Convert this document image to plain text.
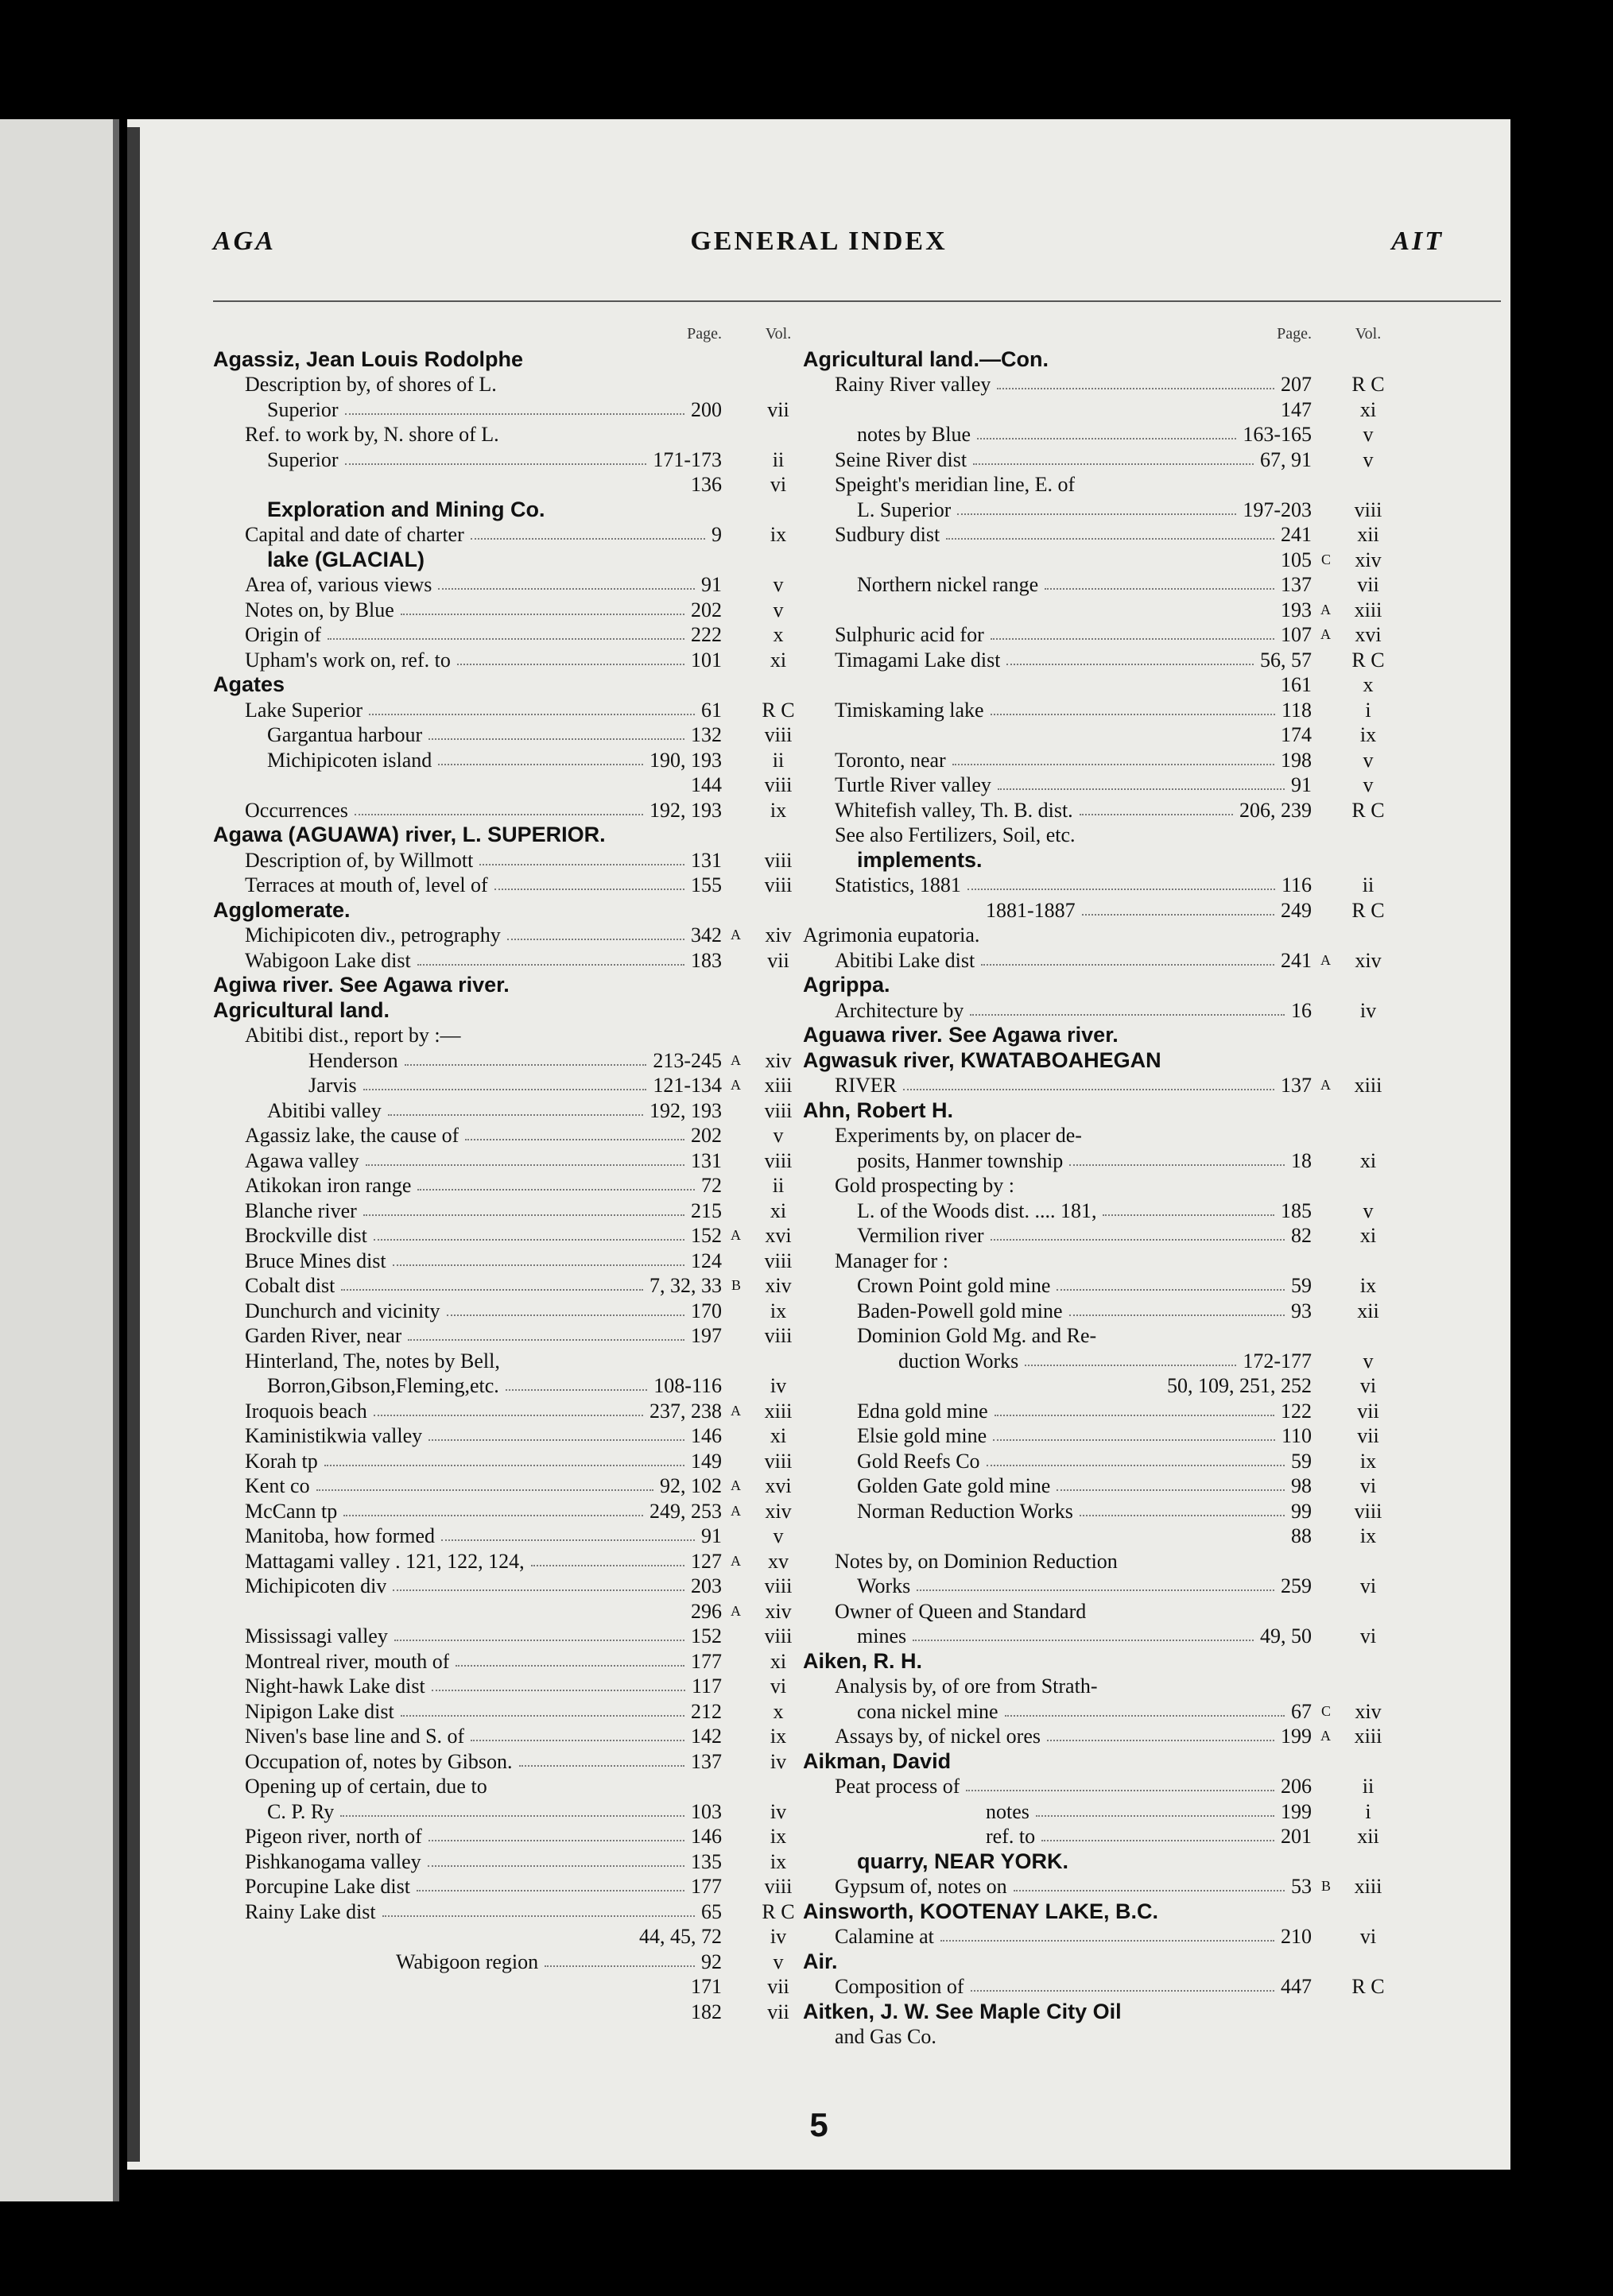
AGA	GENERAL INDEX	AIT
Page.	Vol.
Agassiz, Jean Louis Rodolphe
Description by, of shores of L.
Superior	200	vii
Ref. to work by, N. shore of L.
Superior	171-173	ii
136	vi
Exploration and Mining Co.
Capital and date of charter	9	ix
lake (GLACIAL)
Area of, various views	91	v
Notes on, by Blue	202	v
Origin of	222	x
Upham's work on, ref. to	101	xi
Agates
Lake Superior	61	R C
Gargantua harbour	132	viii
Michipicoten island	190, 193	ii
144	viii
Occurrences	192, 193	ix
Agawa (AGUAWA) river, L. SUPERIOR.
Description of, by Willmott	131	viii
Terraces at mouth of, level of	155	viii
Agglomerate.
Michipicoten div., petrography	342 A	xiv
Wabigoon Lake dist	183	vii
Agiwa river. See Agawa river.
Agricultural land.
Abitibi dist., report by :—
Henderson	213-245 A	xiv
Jarvis	121-134 A	xiii
Abitibi valley	192, 193	viii
Agassiz lake, the cause of	202	v
Agawa valley	131	viii
Atikokan iron range	72	ii
Blanche river	215	xi
Brockville dist	152 A	xvi
Bruce Mines dist	124	viii
Cobalt dist	7, 32, 33 B	xiv
Dunchurch and vicinity	170	ix
Garden River, near	197	viii
Hinterland, The, notes by Bell,
Borron,Gibson,Fleming,etc.	108-116	iv
Iroquois beach	237, 238 A	xiii
Kaministikwia valley	146	xi
Korah tp	149	viii
Kent co	92, 102 A	xvi
McCann tp	249, 253 A	xiv
Manitoba, how formed	91	v
Mattagami valley . 121, 122, 124,	127 A	xv
Michipicoten div	203	viii
296 A	xiv
Mississagi valley	152	viii
Montreal river, mouth of	177	xi
Night-hawk Lake dist	117	vi
Nipigon Lake dist	212	x
Niven's base line and S. of	142	ix
Occupation of, notes by Gibson.	137	iv
Opening up of certain, due to
C. P. Ry	103	iv
Pigeon river, north of	146	ix
Pishkanogama valley	135	ix
Porcupine Lake dist	177	viii
Rainy Lake dist	65	R C
44, 45, 72	iv
Wabigoon region	92	v
171	vii
182	vii
Page.	Vol.
Agricultural land.—Con.
Rainy River valley	207	R C
147	xi
notes by Blue	163-165	v
Seine River dist	67, 91	v
Speight's meridian line, E. of
L. Superior	197-203	viii
Sudbury dist	241	xii
105 C	xiv
Northern nickel range	137	vii
193 A	xiii
Sulphuric acid for	107 A	xvi
Timagami Lake dist	56, 57	R C
161	x
Timiskaming lake	118	i
174	ix
Toronto, near	198	v
Turtle River valley	91	v
Whitefish valley, Th. B. dist.	206, 239	R C
See also Fertilizers, Soil, etc.
implements.
Statistics, 1881	116	ii
1881-1887	249	R C
Agrimonia eupatoria.
Abitibi Lake dist	241 A	xiv
Agrippa.
Architecture by	16	iv
Aguawa river. See Agawa river.
Agwasuk river, KWATABOAHEGAN
RIVER	137 A	xiii
Ahn, Robert H.
Experiments by, on placer de-
posits, Hanmer township	18	xi
Gold prospecting by :
L. of the Woods dist. .... 181,	185	v
Vermilion river	82	xi
Manager for :
Crown Point gold mine	59	ix
Baden-Powell gold mine	93	xii
Dominion Gold Mg. and Re-
duction Works	172-177	v
50, 109, 251, 252	vi
Edna gold mine	122	vii
Elsie gold mine	110	vii
Gold Reefs Co	59	ix
Golden Gate gold mine	98	vi
Norman Reduction Works	99	viii
88	ix
Notes by, on Dominion Reduction
Works	259	vi
Owner of Queen and Standard
mines	49, 50	vi
Aiken, R. H.
Analysis by, of ore from Strath-
cona nickel mine	67 C	xiv
Assays by, of nickel ores	199 A	xiii
Aikman, David
Peat process of	206	ii
notes	199	i
ref. to	201	xii
quarry, NEAR YORK.
Gypsum of, notes on	53 B	xiii
Ainsworth, KOOTENAY LAKE, B.C.
Calamine at	210	vi
Air.
Composition of	447	R C
Aitken, J. W. See Maple City Oil
and Gas Co.
5
